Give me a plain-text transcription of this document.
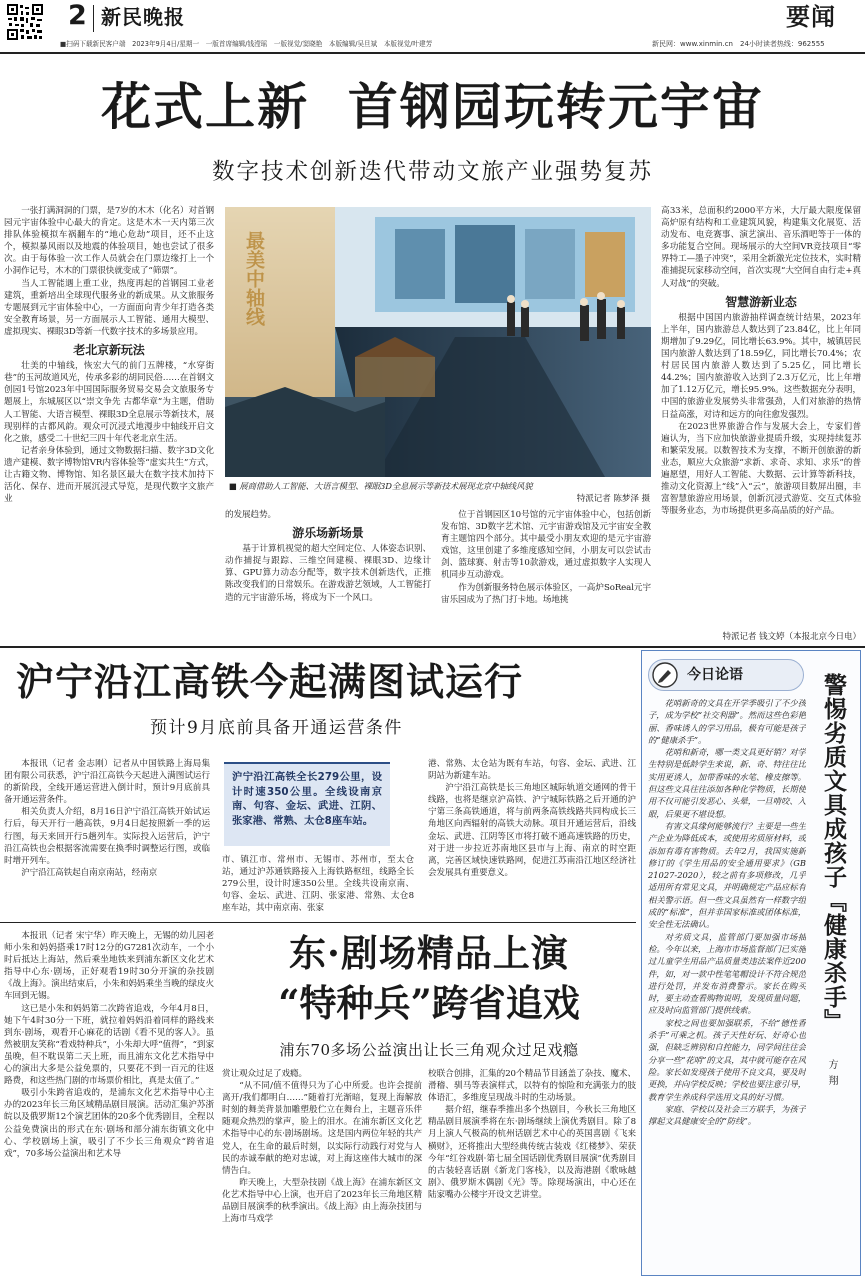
2 新民晚报	要闻
■扫码下载新民客户端　2023年9月4日/星期一　一版首席编辑/钱滢瑶　一版视觉/窦晓艳　本版编辑/吴旦斌　本版视觉/叶建芳	新民网：www.xinmin.cn　24小时读者热线：962555
花式上新  首钢园玩转元宇宙
数字技术创新迭代带动文旅产业强势复苏

一张打满洞洞的门票，是7岁的木木（化名）对首钢园元宇宙体验中心最大的肯定。这是木木一天内第三次排队体验模拟车祸翻车的“地心危劫”项目，还不止这个，模拟暴风雨以及地震的体验项目，她也尝试了很多次。由于每体验一次工作人员就会在门票边缘打上一个小洞作记号，木木的门票很快就变成了“筛票”。

当人工智能遇上重工业，热度再起的首钢园工业老建筑，重新培出全球现代服务业的新成果。从文旅服务专题展到元宇宙体验中心，一方面面向青少年打造各类安全教育场景，另一方面展示人工智能、通用大模型、虚拟现实、裸眼3D等新一代数字技术的多场景应用。

老北京新玩法

壮美的中轴线，恢宏大气的前门五牌楼，“水穿街巷”的玉河故道风光，传承多彩的胡同民俗……在首钢文创园1号馆2023年中国国际服务贸易交易会文旅服务专题展上，东城展区以“崇文争先 古都华章”为主题，借助人工智能、大语言模型、裸眼3D全息展示等新技术，展现别样的古都风韵。观众可沉浸式地漫步中轴线开启文化之旅，感受二十世纪三四十年代老北京生活。

记者亲身体验到，通过文物数据扫描、数字3D文化遗产建模、数字博物馆VR内容体验等“虚实共生”方式，让古籍文物、博物馆、知名景区最大在数字技术加持下活化、保存、进而开展沉浸式导览，是现代数字文旅产业

最美中轴线
■ 展商借助人工智能、大语言模型、裸眼3D全息展示等新技术展现北京中轴线风貌
特派记者 陈梦泽 摄
的发展趋势。
游乐场新场景

基于计算机视觉的超大空间定位、人体姿态识别、动作捕捉与跟踪、三维空间建模、裸眼3D、边缘计算、GPU算力动态分配等，数字技术创新迭代，正推陈改变我们的日常娱乐。在游戏游艺领域，人工智能打造的元宇宙游乐场，将成为下一个风口。

位于首钢园区10号馆的元宇宙体验中心，包括创新发布馆、3D数字艺术馆、元宇宙游戏馆及元宇宙安全教育主题馆四个部分。其中最受小朋友欢迎的是元宇宙游戏馆，这里创建了多维度感知空间，小朋友可以尝试击剑、篮球赛、射击等10款游戏，通过虚拟数字人实现人机同步互动游戏。

作为创新服务特色展示体验区，一高炉SoReal元宇宙乐园成为了热门打卡地。场地挑

高33米，总面积约2000平方米，大厅最大限度保留高炉原有结构和工业建筑风貌，构建集文化展览、活动发布、电竞赛事、演艺演出、音乐酒吧等于一体的多功能复合空间。现场展示的大空间VR竞技项目“零界特工—墨子冲突”，采用全新激光定位技术，实时精准捕捉玩家移动空间，首次实现“大空间自由行走+真人对战”的突破。
智慧游新业态

根据中国国内旅游抽样调查统计结果，2023年上半年，国内旅游总人数达到了23.84亿，比上年同期增加了9.29亿，同比增长63.9%。其中，城镇居民国内旅游人数达到了18.59亿，同比增长70.4%；农村居民国内旅游人数达到了5.25亿，同比增长44.2%；国内旅游收入达到了2.3万亿元，比上年增加了1.12万亿元，增长95.9%。这些数据充分表明，中国的旅游业发展势头非常强劲，人们对旅游的热情日益高涨，对诗和远方的向往愈发强烈。

在2023世界旅游合作与发展大会上，专家们普遍认为，当下应加快旅游业提质升级，实现持续复苏和繁荣发展。以数智技术为支撑，不断开创旅游的新业态，顺应大众旅游“求新、求奇、求知、求乐”的普遍愿望，用好人工智能、大数据、云计算等新科技，推动文化资源上“线”入“云”，旅游项目数屏出圈，丰富智慧旅游应用场景，创新沉浸式游览、交互式体验等服务业态，为市场提供更多高品质的好产品。

特派记者 钱文婷（本报北京今日电）
沪宁沿江高铁今起满图试运行
预计9月底前具备开通运营条件

本报讯（记者 金志刚）记者从中国铁路上海局集团有限公司获悉，沪宁沿江高铁今天起进入满图试运行的新阶段，全线开通运营进入倒计时，预计9月底前具备开通运营条件。

相关负责人介绍，8月16日沪宁沿江高铁开始试运行后，每天开行一趟高铁，9月4日起按照新一季的运行图，每天来回开行5趟列车。实际投入运营后，沪宁沿江高铁也会根据客流需要在换季时调整运行图，或临时增开列车。

沪宁沿江高铁起自南京南站，经南京

沪宁沿江高铁全长279公里，设计时速350公里。全线设南京南、句容、金坛、武进、江阴、张家港、常熟、太仓8座车站。
市、镇江市、常州市、无锡市、苏州市，至太仓站，通过沪苏通铁路接入上海铁路枢纽，线路全长279公里，设计时速350公里。全线共设南京南、句容、金坛、武进、江阴、张家港、常熟、太仓8座车站，其中南京南、张家
港、常熟、太仓站为既有车站，句容、金坛、武进、江阴站为新建车站。

沪宁沿江高铁是长三角地区城际轨道交通网的骨干线路，也将是继京沪高铁、沪宁城际铁路之后开通的沪宁第三条高铁通道，将与前两条高铁线路共同构成长三角地区向西辐射的高铁大动脉。项目开通运营后，沿线金坛、武进、江阴等区市将打破不通高速铁路的历史，对于进一步拉近苏南地区县市与上海、南京的时空距离，完善区域快速铁路网，促进江苏南沿江地区经济社会发展具有重要意义。

本报讯（记者 宋宁华）昨天晚上，无锡的幼儿园老师小朱和妈妈搭乘17时12分的G7281次动车，一个小时后抵达上海站，然后乘坐地铁来到浦东新区文化艺术指导中心东·剧场，正好观看19时30分开演的杂技剧《战上海》。演出结束后，小朱和妈妈乘坐当晚的绿皮火车回到无锡。

这已是小朱和妈妈第二次跨省追戏，今年4月8日，她下午4时30分一下班，就拉着妈妈沿着同样的路线来到东·剧场，观看开心麻花的话剧《看不见的客人》。虽然被朋友笑称“看戏特种兵”，小朱却大呼“值得”，“到家虽晚，但不耽误第二天上班，而且浦东文化艺术指导中心的演出大多是公益免票的，只要花不到一百元的往返路费，和这些热门剧的市场票价相比，真是太值了。”

吸引小朱跨省追戏的，是浦东文化艺术指导中心主办的2023年长三角区域精品剧目展演。活动汇集沪苏浙皖以及俄罗斯12个演艺团体的20多个优秀剧目，全程以公益免费演出的形式在东·剧场和部分浦东街镇文化中心、学校剧场上演，吸引了不少长三角观众“跨省追戏”，70多场公益演出和艺术导

东·剧场精品上演
“特种兵”跨省追戏
浦东70多场公益演出让长三角观众过足戏瘾
赏让观众过足了戏瘾。

“从不同/值不值得只为了心中所爱。也许会提前离开/我们都明白……”随着打光渐暗，复现上海解放时刻的舞美背景加雕塑般伫立在舞台上，主题音乐伴随观众热烈的掌声，脸上的泪水。在浦东新区文化艺术指导中心的东·剧场剧场。这是国内两位年轻的共产党人，在生命的最后时刻，以实际行动践行对党与人民的赤诚奉献的绝对忠诚，对上海这座伟大城市的深情告白。

昨天晚上，大型杂技剧《战上海》在浦东新区文化艺术指导中心上演，也开启了2023年长三角地区精品剧目展演季的秋季演出。《战上海》由上海杂技团与上海市马戏学

校联合创排，汇集的20个精品节目涵盖了杂技、魔术、滑稽、驯马等表演样式，以特有的惊险和充满张力的肢体语汇，多维度呈现战斗时的生动场景。

据介绍，继春季推出多个热剧目，今秋长三角地区精品剧目展演季将在东·剧场继续上演优秀剧目。除了8月上演人气极高的杭州话剧艺术中心的英国喜剧《飞来横财》，还将推出大型经典传统古装戏《红楼梦》、荣获今年“红谷戏剧·第七届全国话剧优秀剧目展演”优秀剧目的古装轻喜话剧《新龙门客栈》，以及海港剧《歌咏越剧》、俄罗斯木偶剧《光》等。除现场演出，中心还在陆家嘴办公楼宇开设文艺讲堂。

今日论语

花哨新奇的文具在开学季吸引了不少孩子，成为学校“社交利器”。然而这些色彩艳丽、香味诱人的学习用品，极有可能是孩子的“健康杀手”。

花哨和新奇，哪一类文具更好销？对学生特别是低龄学生来说，新、奇、特往往比实用更诱人，加带香味的水笔、橡皮擦等。但这些文具往往添加各种化学物质，长期使用不仅可能引发恶心、头晕，一旦啃咬、入眼，后果更不堪设想。

有害文具缘何能够流行？主要是一些生产企业为降低成本，或使用劣质原材料，或添加有毒有害物质。去年2月，我国实施新修订的《学生用品的安全通用要求》（GB 21027-2020），较之前有多项修改，几乎适用所有常见文具，并明确规定产品应标有相关警示语。但一些文具虽然有一样数字组成的“标准”，但并非国家标准或团体标准，安全性无法确认。

对劣质文具，监管部门要加强市场抽检。今年以来，上海市市场监督部门已实施过儿童学生用品产品质量类违法案件近200件，如，对一款中性笔笔帽设计不符合规范进行处罚，并发布消费警示。家长在购买时，要主动查看购物说明，发现质量问题，应及时向监管部门提供线索。

家校之间也要加强联系，不给“德性香杀手”可乘之机。孩子天性好玩、好奇心也强，但缺乏辨别和自控能力，同学间往往会分享一些“花哨”的文具，其中就可能存在风险。家长如发现孩子使用不良文具，要及时更换，并向学校反映；学校也要注意引导，教育学生养成科学选用文具的好习惯。

家庭、学校以及社会三方联手，为孩子撑起文具健康安全的“防线”。

警惕劣质文具成孩子『健康杀手』
方翔
